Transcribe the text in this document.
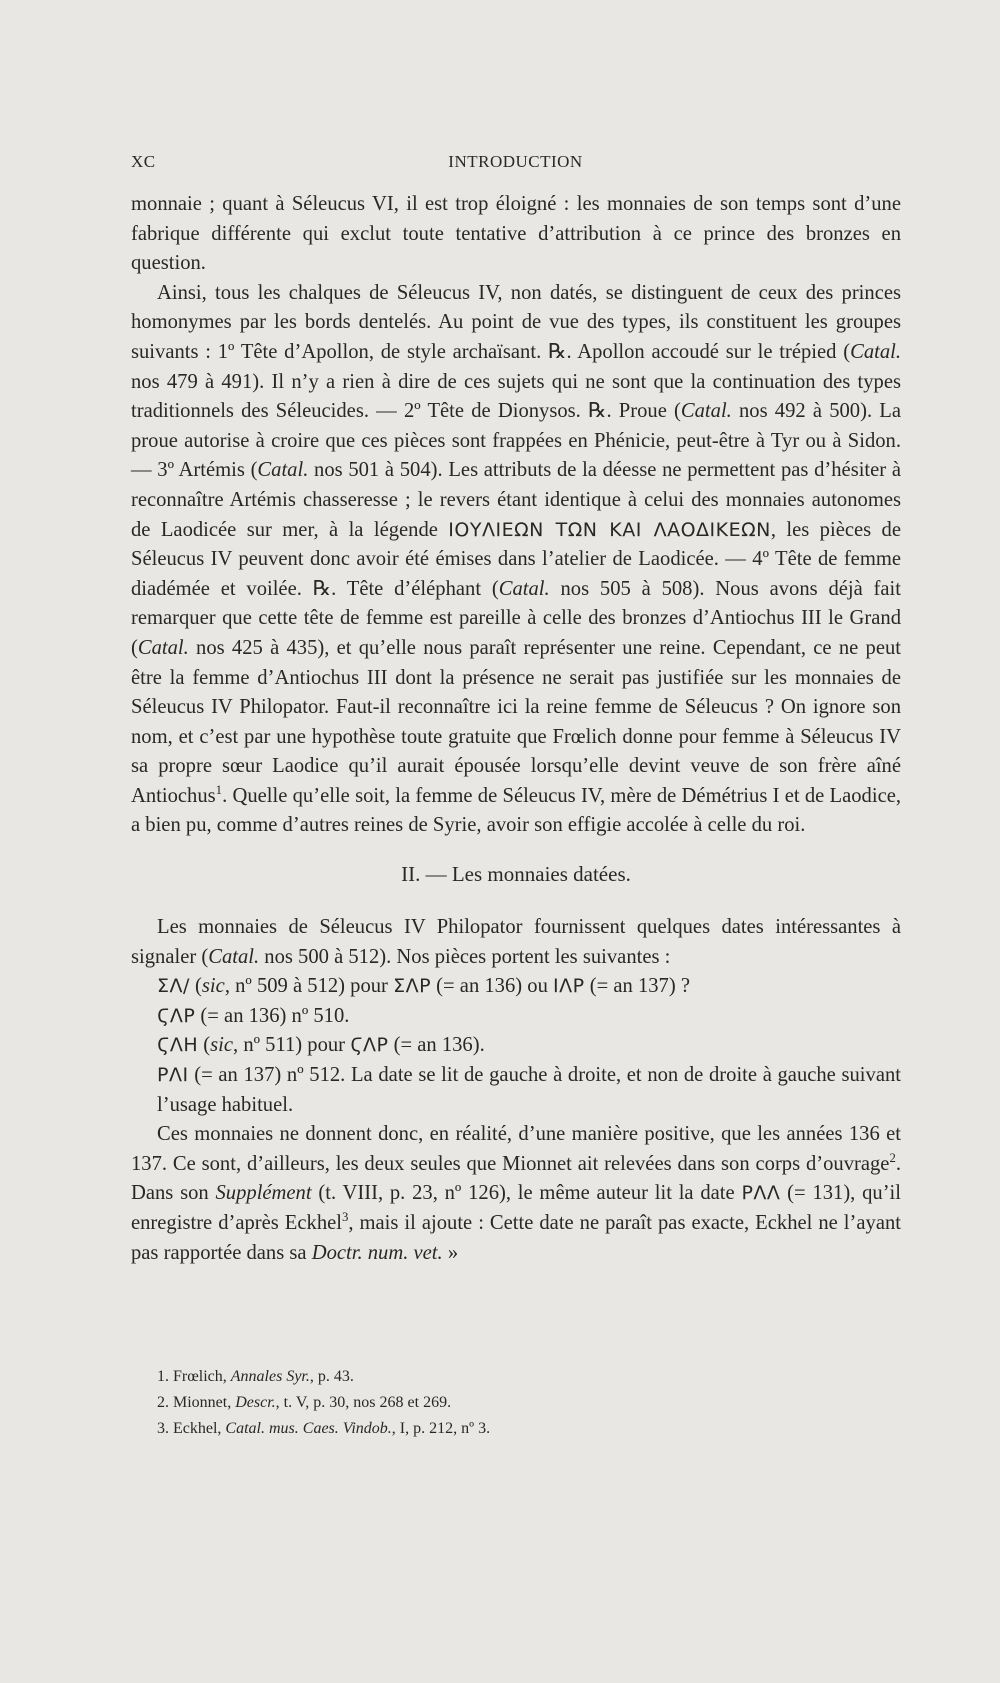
XC	INTRODUCTION

monnaie ; quant à Séleucus VI, il est trop éloigné : les monnaies de son temps sont d’une fabrique différente qui exclut toute tentative d’attribution à ce prince des bronzes en question.

Ainsi, tous les chalques de Séleucus IV, non datés, se distinguent de ceux des princes homonymes par les bords dentelés. Au point de vue des types, ils constituent les groupes suivants : 1º Tête d’Apollon, de style archaïsant. ℞. Apollon accoudé sur le trépied (Catal. nos 479 à 491). Il n’y a rien à dire de ces sujets qui ne sont que la continuation des types traditionnels des Séleucides. — 2º Tête de Dionysos. ℞. Proue (Catal. nos 492 à 500). La proue autorise à croire que ces pièces sont frappées en Phénicie, peut-être à Tyr ou à Sidon. — 3º Artémis (Catal. nos 501 à 504). Les attributs de la déesse ne permettent pas d’hésiter à reconnaître Artémis chasseresse ; le revers étant identique à celui des monnaies autonomes de Laodicée sur mer, à la légende ΙΟΥΛΙΕΩΝ ΤΩΝ ΚΑΙ ΛΑΟΔΙΚΕΩΝ, les pièces de Séleucus IV peuvent donc avoir été émises dans l’atelier de Laodicée. — 4º Tête de femme diadémée et voilée. ℞. Tête d’éléphant (Catal. nos 505 à 508). Nous avons déjà fait remarquer que cette tête de femme est pareille à celle des bronzes d’Antiochus III le Grand (Catal. nos 425 à 435), et qu’elle nous paraît représenter une reine. Cependant, ce ne peut être la femme d’Antiochus III dont la présence ne serait pas justifiée sur les monnaies de Séleucus IV Philopator. Faut-il reconnaître ici la reine femme de Séleucus ? On ignore son nom, et c’est par une hypothèse toute gratuite que Frœlich donne pour femme à Séleucus IV sa propre sœur Laodice qu’il aurait épousée lorsqu’elle devint veuve de son frère aîné Antiochus$^1$. Quelle qu’elle soit, la femme de Séleucus IV, mère de Démétrius I et de Laodice, a bien pu, comme d’autres reines de Syrie, avoir son effigie accolée à celle du roi.

II. — Les monnaies datées.

Les monnaies de Séleucus IV Philopator fournissent quelques dates intéressantes à signaler (Catal. nos 500 à 512). Nos pièces portent les suivantes :

ΣΛ/ (sic, nº 509 à 512) pour ΣΛΡ (= an 136) ou ΙΛΡ (= an 137) ?

ϚΛΡ (= an 136) nº 510.

ϚΛΗ (sic, nº 511) pour ϚΛΡ (= an 136).

ΡΛΙ (= an 137) nº 512. La date se lit de gauche à droite, et non de droite à gauche suivant l’usage habituel.

Ces monnaies ne donnent donc, en réalité, d’une manière positive, que les années 136 et 137. Ce sont, d’ailleurs, les deux seules que Mionnet ait relevées dans son corps d’ouvrage$^2$. Dans son Supplément (t. VIII, p. 23, nº 126), le même auteur lit la date ΡΛΛ (= 131), qu’il enregistre d’après Eckhel$^3$, mais il ajoute : Cette date ne paraît pas exacte, Eckhel ne l’ayant pas rapportée dans sa Doctr. num. vet. »

1. Frœlich, Annales Syr., p. 43.

2. Mionnet, Descr., t. V, p. 30, nos 268 et 269.

3. Eckhel, Catal. mus. Caes. Vindob., I, p. 212, nº 3.
